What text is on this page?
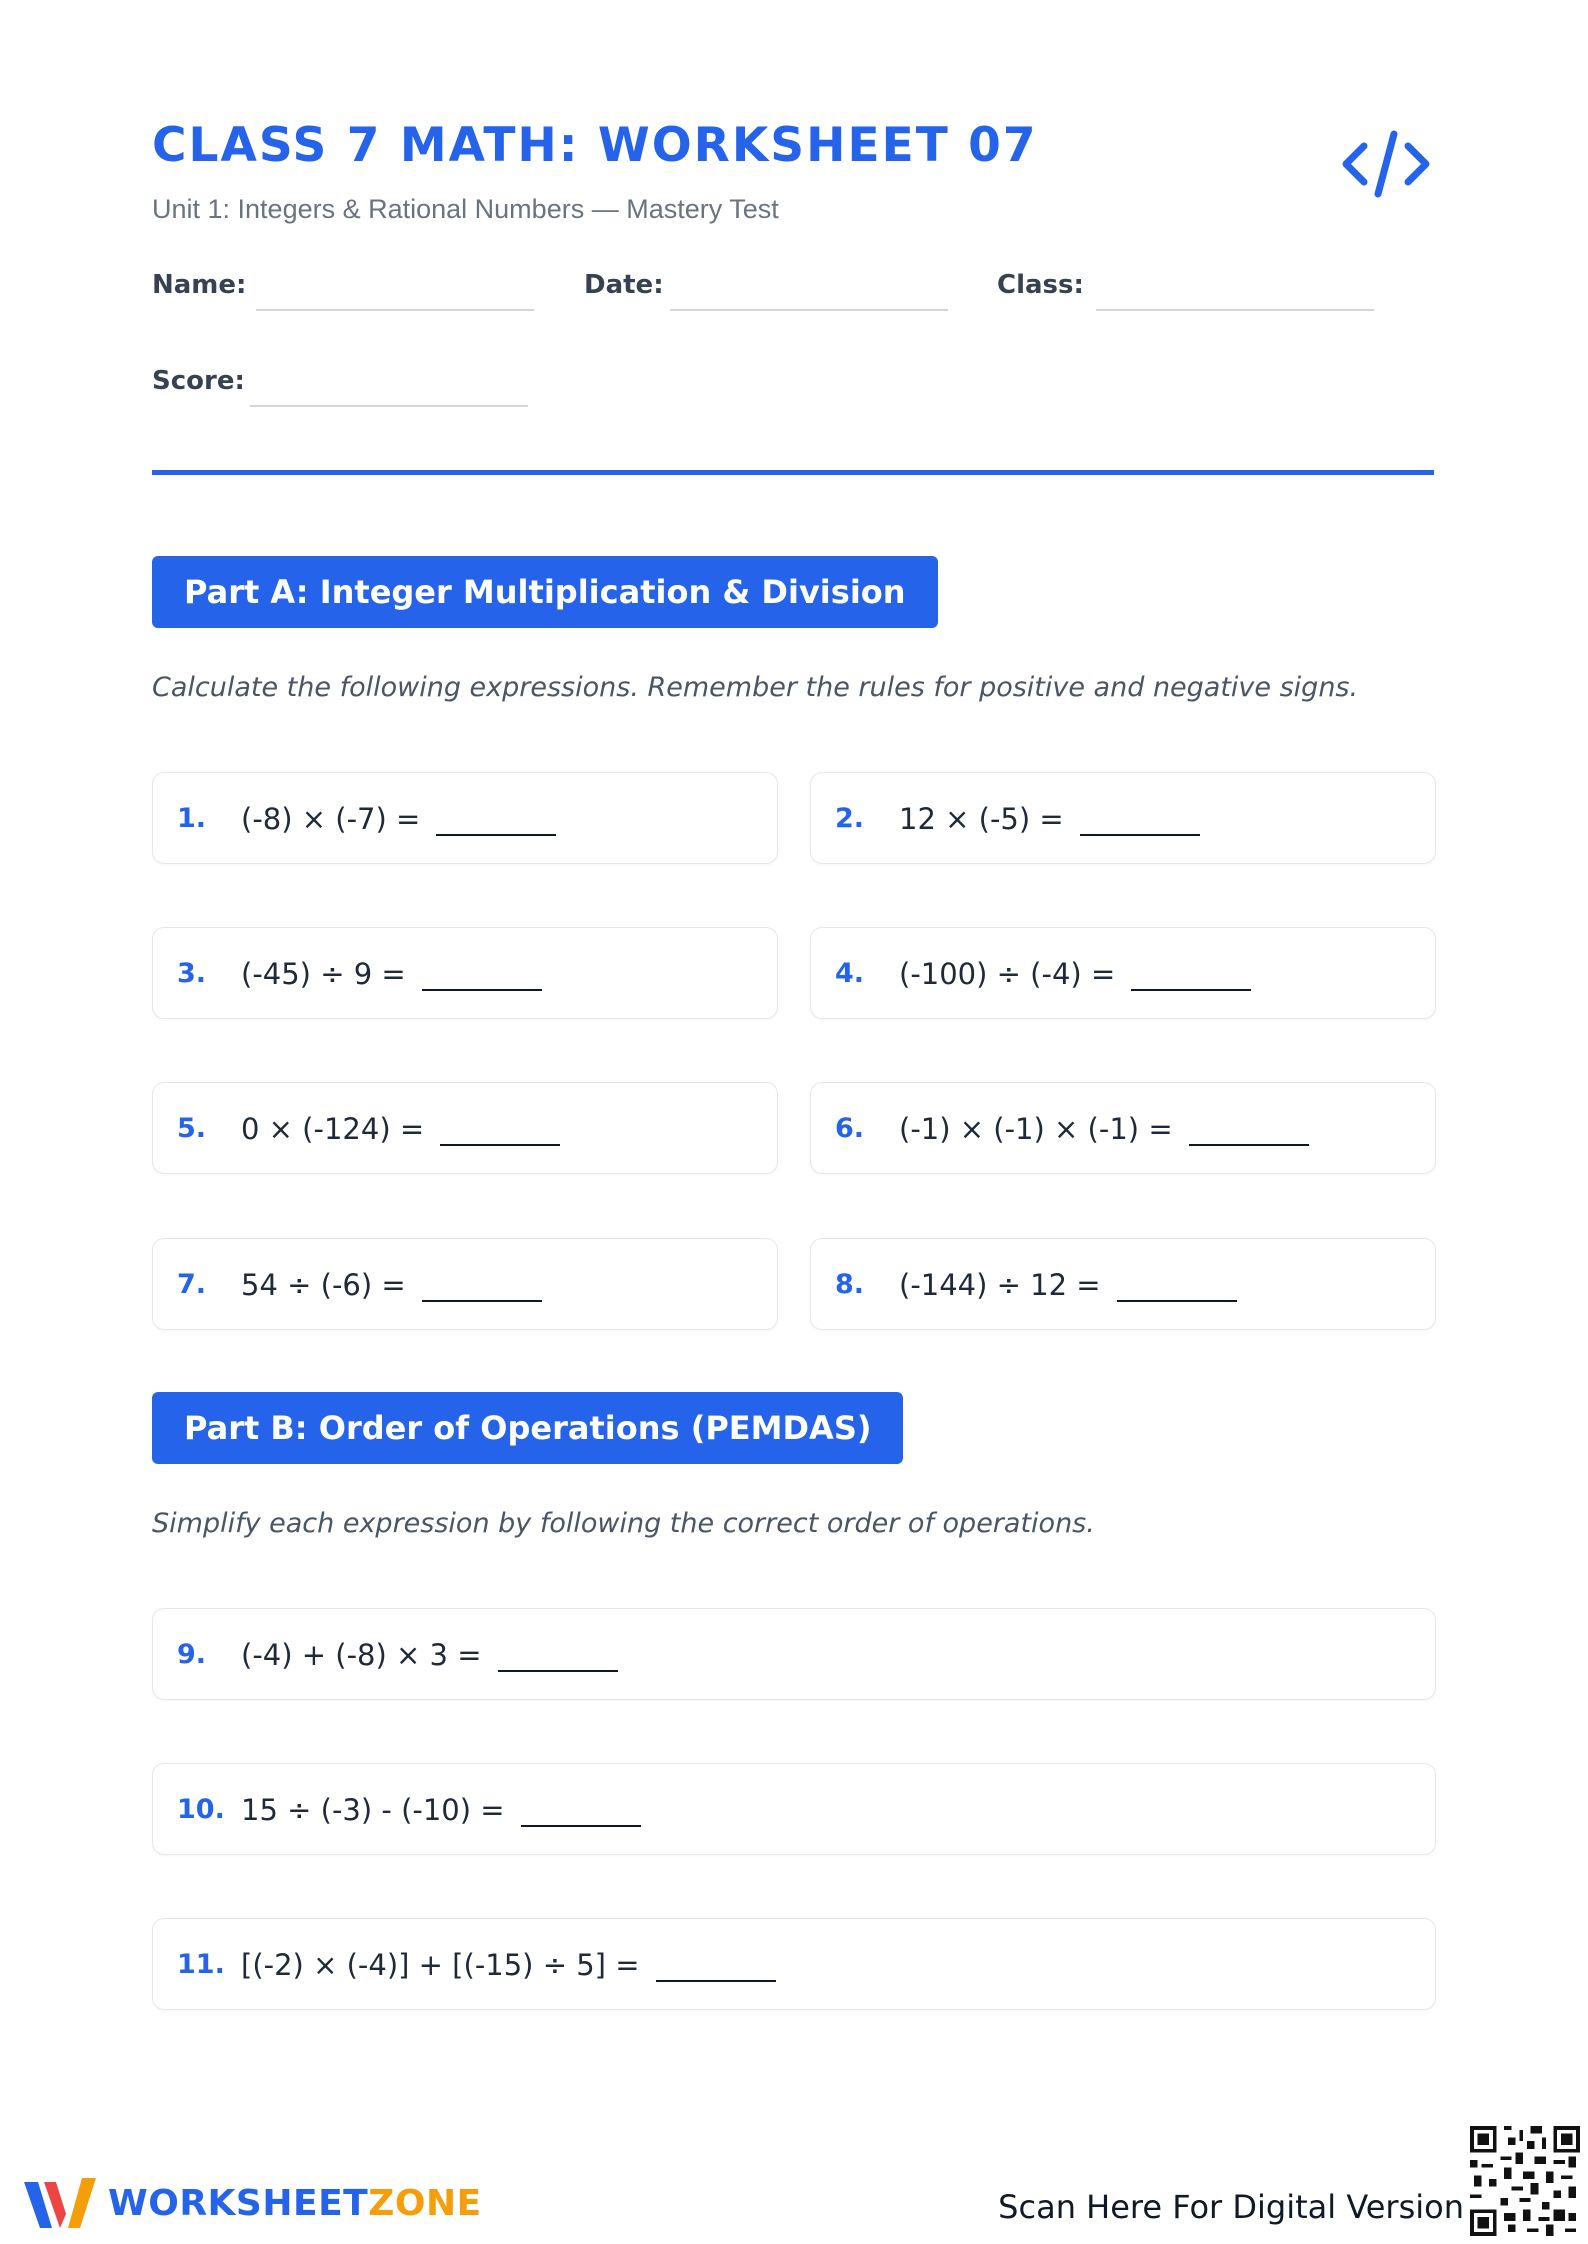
CLASS 7 MATH: WORKSHEET 07
Unit 1: Integers & Rational Numbers — Mastery Test
Name:	Date:	Class:
Score:
Part A: Integer Multiplication & Division
Calculate the following expressions. Remember the rules for positive and negative signs.
1. (-8) × (-7) =	2. 12 × (-5) =
3. (-45) ÷ 9 =	4. (-100) ÷ (-4) =
5. 0 × (-124) =	6. (-1) × (-1) × (-1) =
7. 54 ÷ (-6) =	8. (-144) ÷ 12 =
Part B: Order of Operations (PEMDAS)
Simplify each expression by following the correct order of operations.
9. (-4) + (-8) × 3 =
10. 15 ÷ (-3) - (-10) =
11. [(-2) × (-4)] + [(-15) ÷ 5] =
WORKSHEETZONE	Scan Here For Digital Version
